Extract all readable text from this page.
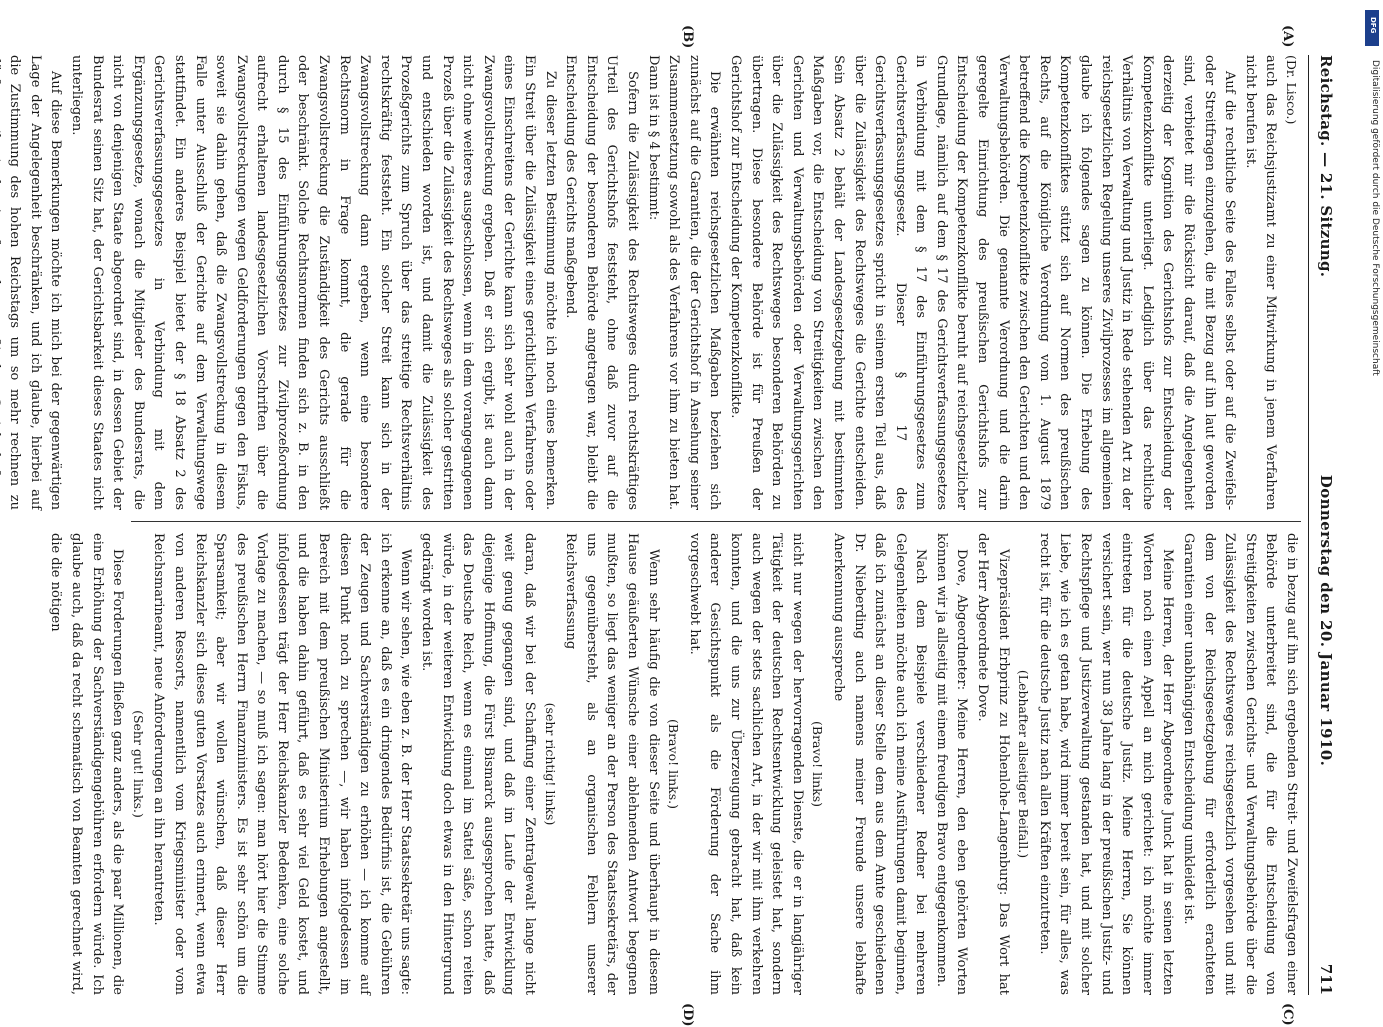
Reichstag. — 21. Sitzung.
Donnerstag den 20. Januar 1910.
711
(A)
(B)

(Dr. Lisco.)

auch das Reichsjustizamt zu einer Mitwirkung in jenem Verfahren nicht berufen ist.

Auf die rechtliche Seite des Falles selbst oder auf die Zweifels- oder Streitfragen einzugehen, die mit Bezug auf ihn laut geworden sind, verbietet mir die Rücksicht darauf, daß die Angelegenheit derzeitig der Kognition des Gerichtshofs zur Entscheidung der Kompetenzkonflikte unterliegt. Lediglich über das rechtliche Verhältnis von Verwaltung und Justiz in Rede stehenden Art zu der reichsgesetzlichen Regelung unseres Zivilprozesses im allgemeinen glaube ich folgendes sagen zu können. Die Erhebung des Kompetenzkonfliktes stützt sich auf Normen des preußischen Rechts, auf die Königliche Verordnung vom 1. August 1879 betreffend die Kompetenzkonflikte zwischen den Gerichten und den Verwaltungsbehörden. Die genannte Verordnung und die darin geregelte Einrichtung des preußischen Gerichtshofs zur Entscheidung der Kompetenzkonflikte beruht auf reichsgesetzlicher Grundlage, nämlich auf dem § 17 des Gerichtsverfassungsgesetzes in Verbindung mit dem § 17 des Einführungsgesetzes zum Gerichtsverfassungsgesetz. Dieser § 17 des Gerichtsverfassungsgesetzes spricht in seinem ersten Teil aus, daß über die Zulässigkeit des Rechtsweges die Gerichte entscheiden. Sein Absatz 2 behält der Landesgesetzgebung mit bestimmten Maßgaben vor, die Entscheidung von Streitigkeiten zwischen den Gerichten und Verwaltungsbehörden oder Verwaltungsgerichten über die Zulässigkeit des Rechtsweges besonderen Behörden zu übertragen. Diese besondere Behörde ist für Preußen der Gerichtshof zur Entscheidung der Kompetenzkonflikte.

Die erwähnten reichsgesetzlichen Maßgaben beziehen sich zunächst auf die Garantien, die der Gerichtshof in Ansehung seiner Zusammensetzung sowohl als des Verfahrens vor ihm zu bieten hat. Dann ist in § 4 bestimmt:

Sofern die Zulässigkeit des Rechtsweges durch rechtskräftiges Urteil des Gerichtshofs feststeht, ohne daß zuvor auf die Entscheidung der besonderen Behörde angetragen war, bleibt die Entscheidung des Gerichts maßgebend.

Zu dieser letzten Bestimmung möchte ich noch eines bemerken. Ein Streit über die Zulässigkeit eines gerichtlichen Verfahrens oder eines Einschreitens der Gerichte kann sich sehr wohl auch in der Zwangsvollstreckung ergeben. Daß er sich ergibt, ist auch dann nicht ohne weiteres ausgeschlossen, wenn in dem vorangegangenen Prozeß über die Zulässigkeit des Rechtsweges als solcher gestritten und entschieden worden ist, und damit die Zulässigkeit des Prozeßgerichts zum Spruch über das streitige Rechtsverhältnis rechtskräftig feststeht. Ein solcher Streit kann sich in der Zwangsvollstreckung dann ergeben, wenn eine besondere Rechtsnorm in Frage kommt, die gerade für die Zwangsvollstreckung die Zuständigkeit des Gerichts ausschließt oder beschränkt. Solche Rechtsnormen finden sich z. B. in den durch § 15 des Einführungsgesetzes zur Zivilprozeßordnung aufrecht erhaltenen landesgesetzlichen Vorschriften über die Zwangsvollstreckungen wegen Geldforderungen gegen den Fiskus, soweit sie dahin gehen, daß die Zwangsvollstreckung in diesem Falle unter Ausschluß der Gerichte auf dem Verwaltungswege stattfindet. Ein anderes Beispiel bietet der § 18 Absatz 2 des Gerichtsverfassungsgesetzes in Verbindung mit dem Ergänzungsgesetze, wonach die Mitglieder des Bundesrats, die nicht von denjenigen Staate abgeordnet sind, in dessen Gebiet der Bundesrat seinen Sitz hat, der Gerichtsbarkeit dieses Staates nicht unterliegen.

Auf diese Bemerkungen möchte ich mich bei der gegenwärtigen Lage der Angelegenheit beschränken, und ich glaube, hierbei auf die Zustimmung des hohen Reichstags um so mehr rechnen zu

die in bezug auf ihn sich ergebenden Streit- und Zweifelsfragen einer Behörde unterbreitet sind, die für die Entscheidung von Streitigkeiten zwischen Gerichts- und Verwaltungsbehörde über die Zulässigkeit des Rechtsweges reichsgesetzlich vorgesehen und mit dem von der Reichsgesetzgebung für erforderlich erachteten Garantien einer unabhängigen Entscheidung umkleidet ist.

Meine Herren, der Herr Abgeordnete Junck hat in seinen letzten Worten noch einen Appell an mich gerichtet: ich möchte immer eintreten für die deutsche Justiz. Meine Herren, Sie können versichert sein, wer nun 38 Jahre lang in der preußischen Justiz- und Rechtspflege und Justizverwaltung gestanden hat, und mit solcher Liebe, wie ich es getan habe, wird immer bereit sein, für alles, was recht ist, für die deutsche Justiz nach allen Kräften einzutreten.

(Lebhafter allseitiger Beifall.)

Vizepräsident Erbprinz zu Hohenlohe-Langenburg: Das Wort hat der Herr Abgeordnete Dove.

Dove, Abgeordneter: Meine Herren, den eben gehörten Worten können wir ja allseitig mit einem freudigen Bravo entgegenkommen.

Nach dem Beispiele verschiedener Redner bei mehreren Gelegenheiten möchte auch ich meine Ausführungen damit beginnen, daß ich zunächst an dieser Stelle dem aus dem Amte geschiedenen Dr. Nieberding auch namens meiner Freunde unsere lebhafte Anerkennung ausspreche

(Bravo! links)

nicht nur wegen der hervorragenden Dienste, die er in langjähriger Tätigkeit der deutschen Rechtsentwicklung geleistet hat, sondern auch wegen der stets sachlichen Art, in der wir mit ihm verkehren konnten, und die uns zur Überzeugung gebracht hat, daß kein anderer Gesichtspunkt als die Förderung der Sache ihm vorgeschwebt hat.

(Bravo! links.)

Wenn sehr häufig die von dieser Seite und überhaupt in diesem Hause geäußerten Wünsche einer ablehnenden Antwort begegnen mußten, so liegt das weniger an der Person des Staatssekretärs, der uns gegenübersteht, als an organischen Fehlern unserer Reichsverfassung

(sehr richtig! links)

daran, daß wir bei der Schaffung einer Zentralgewalt lange nicht weit genug gegangen sind, und daß im Laufe der Entwicklung diejenige Hoffnung, die Fürst Bismarck ausgesprochen hatte, daß das Deutsche Reich, wenn es einmal im Sattel säße, schon reiten würde, in der weiteren Entwicklung doch etwas in den Hintergrund gedrängt worden ist.

Wenn wir sehen, wie eben z. B. der Herr Staatssekretär uns sagte: ich erkenne an, daß es ein dringendes Bedürfnis ist, die Gebühren der Zeugen und Sachverständigen zu erhöhen — ich komme auf diesen Punkt noch zu sprechen —, wir haben infolgedessen im Bereich mit dem preußischen Ministerium Erhebungen angestellt, und die haben dahin geführt, daß es sehr viel Geld kostet, und infolgedessen trägt der Herr Reichskanzler Bedenken, eine solche Vorlage zu machen, — so muß ich sagen: man hört hier die Stimme des preußischen Herrn Finanzministers. Es ist sehr schön um die Sparsamkeit; aber wir wollen wünschen, daß dieser Herr Reichskanzler sich dieses guten Vorsatzes auch erinnert, wenn etwa von anderen Ressorts, namentlich vom Kriegsminister oder vom Reichsmarineamt, neue Anforderungen an ihn herantreten.

(Sehr gut! links.)

Diese Forderungen fließen ganz anders, als die paar Millionen, die eine Erhöhung der Sachverständigengebühren erfordern würde. Ich glaube auch, daß da recht schematisch von Beamten gerechnet wird, die die nötigen

(C)
(D)
DFG
Digitalisierung gefördert durch die Deutsche Forschungsgemeinschaft
